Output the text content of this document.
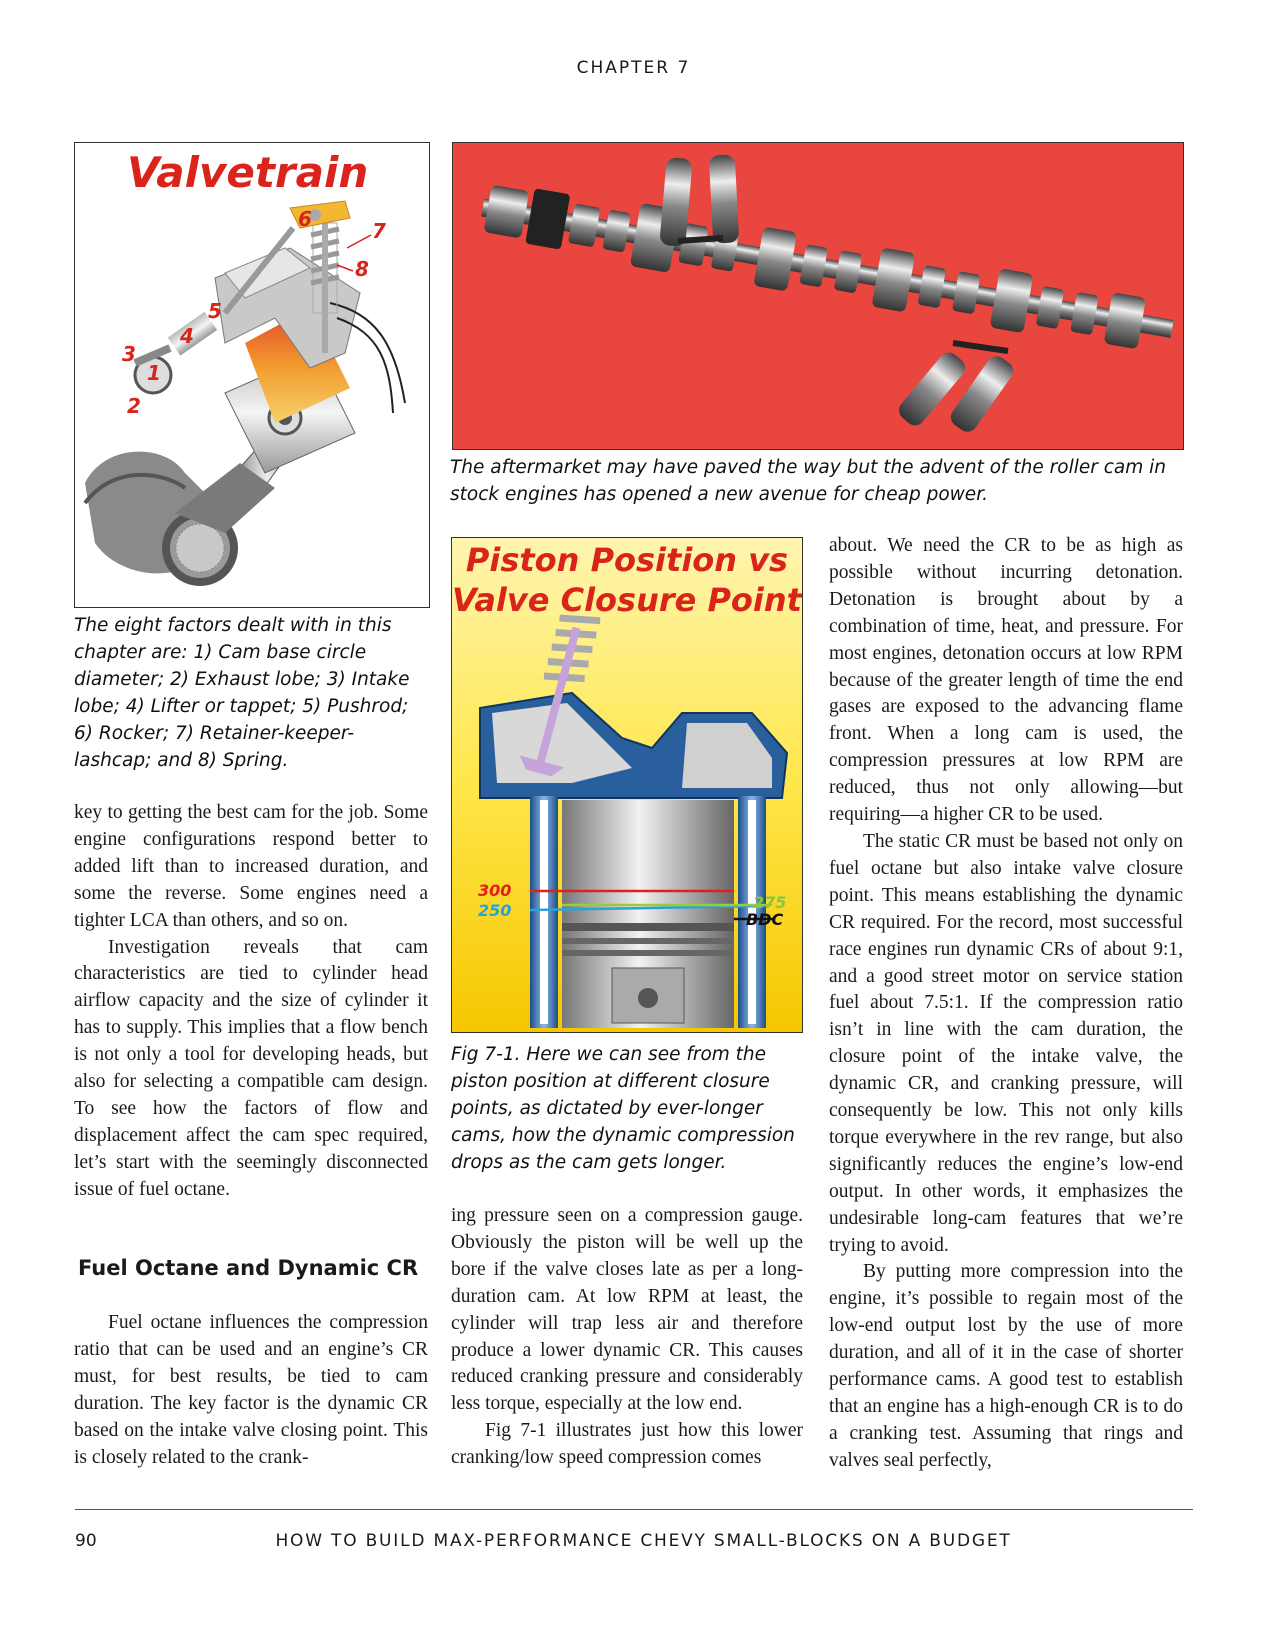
CHAPTER 7
Valvetrain
1
2
3
4
5
6	7
8

The eight factors dealt with in this chapter are: 1) Cam base circle diameter; 2) Exhaust lobe; 3) Intake lobe; 4) Lifter or tappet; 5) Pushrod; 6) Rocker; 7) Retainer-keeper-lashcap; and 8) Spring.

The aftermarket may have paved the way but the advent of the roller cam in stock engines has opened a new avenue for cheap power.

Piston Position vs
Valve Closure Point
300
250	275
BDC

Fig 7-1. Here we can see from the piston position at different closure points, as dictated by ever-longer cams, how the dynamic compression drops as the cam gets longer.

key to getting the best cam for the job. Some engine configurations respond better to added lift than to increased duration, and some the reverse. Some engines need a tighter LCA than others, and so on.

Investigation reveals that cam characteristics are tied to cylinder head airflow capacity and the size of cylinder it has to supply. This implies that a flow bench is not only a tool for developing heads, but also for selecting a compatible cam design. To see how the factors of flow and displacement affect the cam spec required, let’s start with the seemingly disconnected issue of fuel octane.

Fuel Octane and Dynamic CR

Fuel octane influences the compression ratio that can be used and an engine’s CR must, for best results, be tied to cam duration. The key factor is the dynamic CR based on the intake valve closing point. This is closely related to the crank-

ing pressure seen on a compression gauge. Obviously the piston will be well up the bore if the valve closes late as per a long-duration cam. At low RPM at least, the cylinder will trap less air and therefore produce a lower dynamic CR. This causes reduced cranking pressure and considerably less torque, especially at the low end.

Fig 7-1 illustrates just how this lower cranking/low speed compression comes

about. We need the CR to be as high as possible without incurring detonation. Detonation is brought about by a combination of time, heat, and pressure. For most engines, detonation occurs at low RPM because of the greater length of time the end gases are exposed to the advancing flame front. When a long cam is used, the compression pressures at low RPM are reduced, thus not only allowing—but requiring—a higher CR to be used.

The static CR must be based not only on fuel octane but also intake valve closure point. This means establishing the dynamic CR required. For the record, most successful race engines run dynamic CRs of about 9:1, and a good street motor on service station fuel about 7.5:1. If the compression ratio isn’t in line with the cam duration, the closure point of the intake valve, the dynamic CR, and cranking pressure, will consequently be low. This not only kills torque everywhere in the rev range, but also significantly reduces the engine’s low-end output. In other words, it emphasizes the undesirable long-cam features that we’re trying to avoid.

By putting more compression into the engine, it’s possible to regain most of the low-end output lost by the use of more duration, and all of it in the case of shorter performance cams. A good test to establish that an engine has a high-enough CR is to do a cranking test. Assuming that rings and valves seal perfectly,

HOW TO BUILD MAX-PERFORMANCE CHEVY SMALL-BLOCKS ON A BUDGET
90
